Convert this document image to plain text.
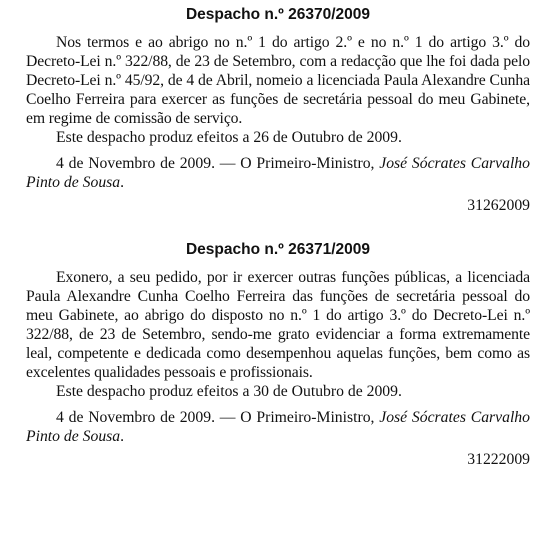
Despacho n.º 26370/2009

Nos termos e ao abrigo no n.º 1 do artigo 2.º e no n.º 1 do artigo 3.º do Decreto-Lei n.º 322/88, de 23 de Setembro, com a redacção que lhe foi dada pelo Decreto-Lei n.º 45/92, de 4 de Abril, nomeio a licenciada Paula Alexandre Cunha Coelho Ferreira para exercer as funções de secretária pessoal do meu Gabinete, em regime de comissão de serviço.

Este despacho produz efeitos a 26 de Outubro de 2009.

4 de Novembro de 2009. — O Primeiro-Ministro, José Sócrates Carvalho Pinto de Sousa.

31262009

Despacho n.º 26371/2009

Exonero, a seu pedido, por ir exercer outras funções públicas, a licenciada Paula Alexandre Cunha Coelho Ferreira das funções de secretária pessoal do meu Gabinete, ao abrigo do disposto no n.º 1 do artigo 3.º do Decreto-Lei n.º 322/88, de 23 de Setembro, sendo-me grato evidenciar a forma extremamente leal, competente e dedicada como desempenhou aquelas funções, bem como as excelentes qualidades pessoais e profissionais.

Este despacho produz efeitos a 30 de Outubro de 2009.

4 de Novembro de 2009. — O Primeiro-Ministro, José Sócrates Carvalho Pinto de Sousa.

31222009
